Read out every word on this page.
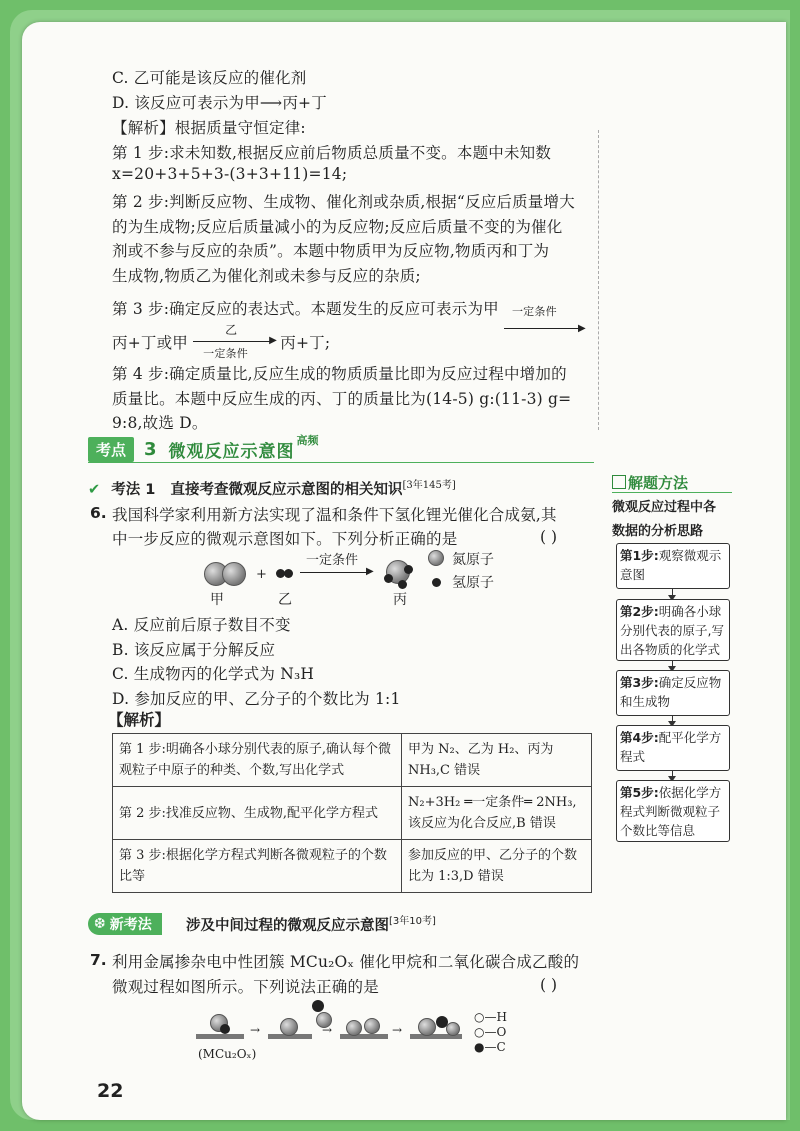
C. 乙可能是该反应的催化剂
D. 该反应可表示为甲⟶丙+丁
【解析】根据质量守恒定律:
第 1 步:求未知数,根据反应前后物质总质量不变。本题中未知数
x=20+3+5+3-(3+3+11)=14;
第 2 步:判断反应物、生成物、催化剂或杂质,根据“反应后质量增大
的为生成物;反应后质量减小的为反应物;反应后质量不变的为催化
剂或不参与反应的杂质”。本题中物质甲为反应物,物质丙和丁为
生成物,物质乙为催化剂或未参与反应的杂质;
第 3 步:确定反应的表达式。本题发生的反应可表示为甲 一定条件
▶
丙+丁或甲
乙
▶
一定条件
丙+丁;
第 4 步:确定质量比,反应生成的物质质量比即为反应过程中增加的
质量比。本题中反应生成的丙、丁的质量比为(14-5) g:(11-3) g=
9:8,故选 D。
考点	3 微观反应示意图
高频
✔ 考法 1 直接考查微观反应示意图的相关知识[3年145考]
6. 我国科学家利用新方法实现了温和条件下氢化锂光催化合成氨,其
中一步反应的微观示意图如下。下列分析正确的是	( )
+
一定条件
▶
氮原子
氢原子
甲	乙	丙
A. 反应前后原子数目不变
B. 该反应属于分解反应
C. 生成物丙的化学式为 N₃H
D. 参加反应的甲、乙分子的个数比为 1:1
【解析】
第 1 步:明确各小球分别代表的原子,确认每个微观粒子中原子的种类、个数,写出化学式	甲为 N₂、乙为 H₂、丙为 NH₃,C 错误
第 2 步:找准反应物、生成物,配平化学方程式	N₂+3H₂ ═一定条件═ 2NH₃,该反应为化合反应,B 错误
第 3 步:根据化学方程式判断各微观粒子的个数比等	参加反应的甲、乙分子的个数比为 1:3,D 错误
❆ 新考法 涉及中间过程的微观反应示意图[3年10考]
7. 利用金属掺杂电中性团簇 MCu₂Oₓ 催化甲烷和二氧化碳合成乙酸的
微观过程如图所示。下列说法正确的是	( )
→	→	→
(MCu₂Oₓ)
○—H
○—O
●—C
解题方法
微观反应过程中各
数据的分析思路
第1步:观察微观示意图
第2步:明确各小球分别代表的原子,写出各物质的化学式
第3步:确定反应物和生成物
第4步:配平化学方程式
第5步:依据化学方程式判断微观粒子个数比等信息
22
